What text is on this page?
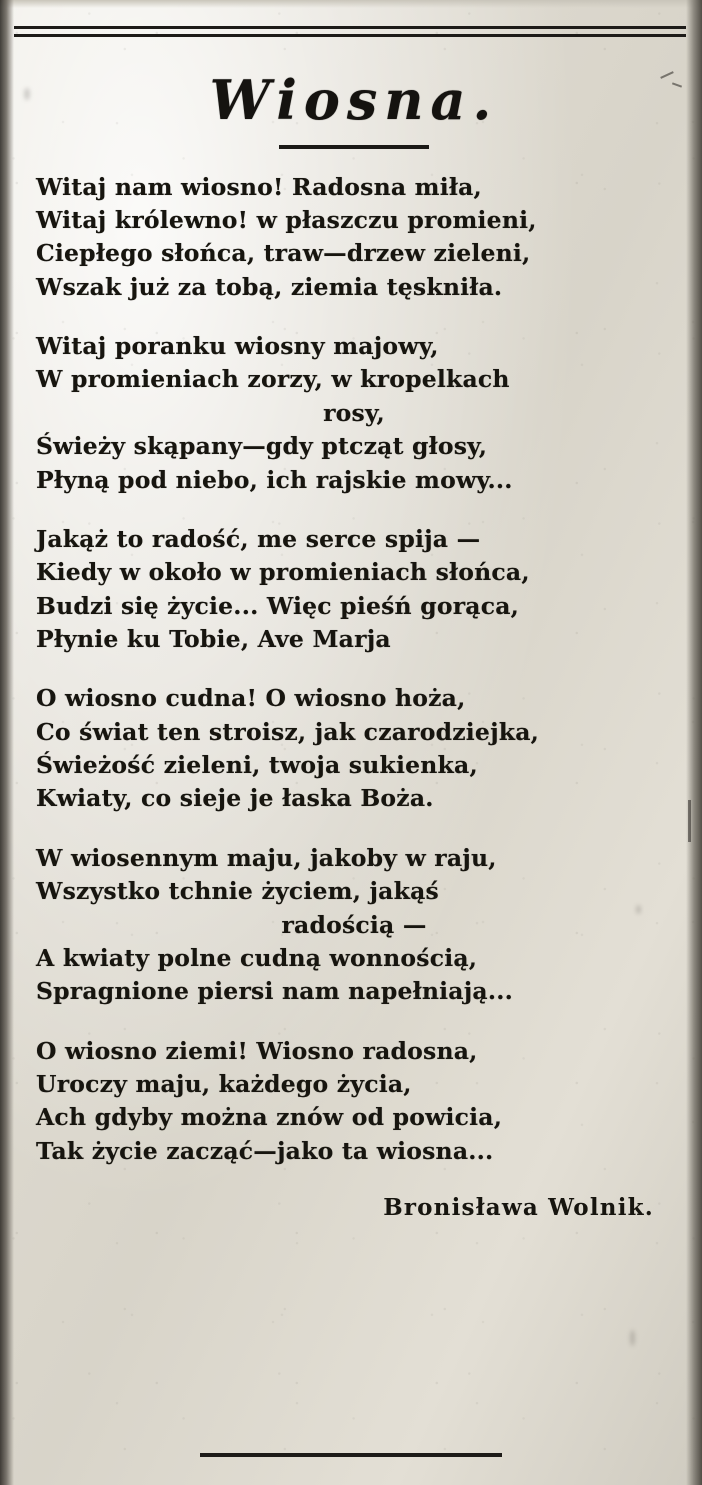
Wiosna.
Witaj nam wiosno! Radosna miła,
Witaj królewno! w płaszczu promieni,
Ciepłego słońca, traw—drzew zieleni,
Wszak już za tobą, ziemia tęskniła.
Witaj poranku wiosny majowy,
W promieniach zorzy, w kropelkach
rosy,
Świeży skąpany—gdy ptcząt głosy,
Płyną pod niebo, ich rajskie mowy...
Jakąż to radość, me serce spija —
Kiedy w około w promieniach słońca,
Budzi się życie... Więc pieśń gorąca,
Płynie ku Tobie, Ave Marja
O wiosno cudna! O wiosno hoża,
Co świat ten stroisz, jak czarodziejka,
Świeżość zieleni, twoja sukienka,
Kwiaty, co sieje je łaska Boża.
W wiosennym maju, jakoby w raju,
Wszystko tchnie życiem, jakąś
radością —
A kwiaty polne cudną wonnością,
Spragnione piersi nam napełniają...
O wiosno ziemi! Wiosno radosna,
Uroczy maju, każdego życia,
Ach gdyby można znów od powicia,
Tak życie zacząć—jako ta wiosna...
Bronisława Wolnik.
